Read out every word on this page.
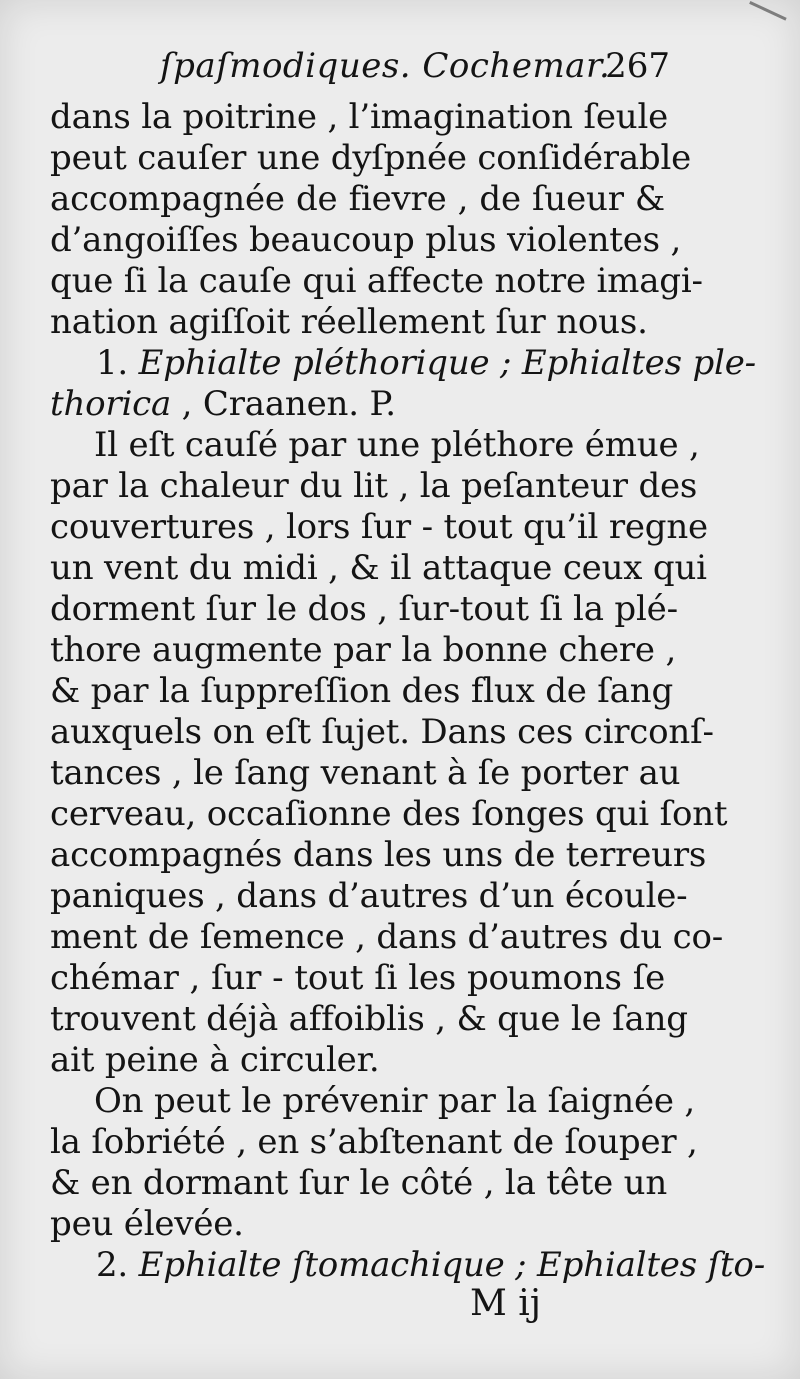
ſpaſmodiques. Cochemar.
267
dans la poitrine , l’imagination ſeule
peut cauſer une dyſpnée conſidérable
accompagnée de fievre , de ſueur &
d’angoiſſes beaucoup plus violentes ,
que ſi la cauſe qui affecte notre imagi-
nation agiſſoit réellement ſur nous.
1. Ephialte pléthorique ; Ephialtes ple-
thorica , Craanen. P.
Il eſt cauſé par une pléthore émue ,
par la chaleur du lit , la peſanteur des
couvertures , lors ſur - tout qu’il regne
un vent du midi , & il attaque ceux qui
dorment ſur le dos , ſur-tout ſi la plé-
thore augmente par la bonne chere ,
& par la ſuppreſſion des flux de ſang
auxquels on eſt ſujet. Dans ces circonſ-
tances , le ſang venant à ſe porter au
cerveau, occaſionne des ſonges qui ſont
accompagnés dans les uns de terreurs
paniques , dans d’autres d’un écoule-
ment de ſemence , dans d’autres du co-
chémar , ſur - tout ſi les poumons ſe
trouvent déjà affoiblis , & que le ſang
ait peine à circuler.
On peut le prévenir par la ſaignée ,
la ſobriété , en s’abſtenant de ſouper ,
& en dormant ſur le côté , la tête un
peu élevée.
2. Ephialte ſtomachique ; Ephialtes ſto-
M ij
